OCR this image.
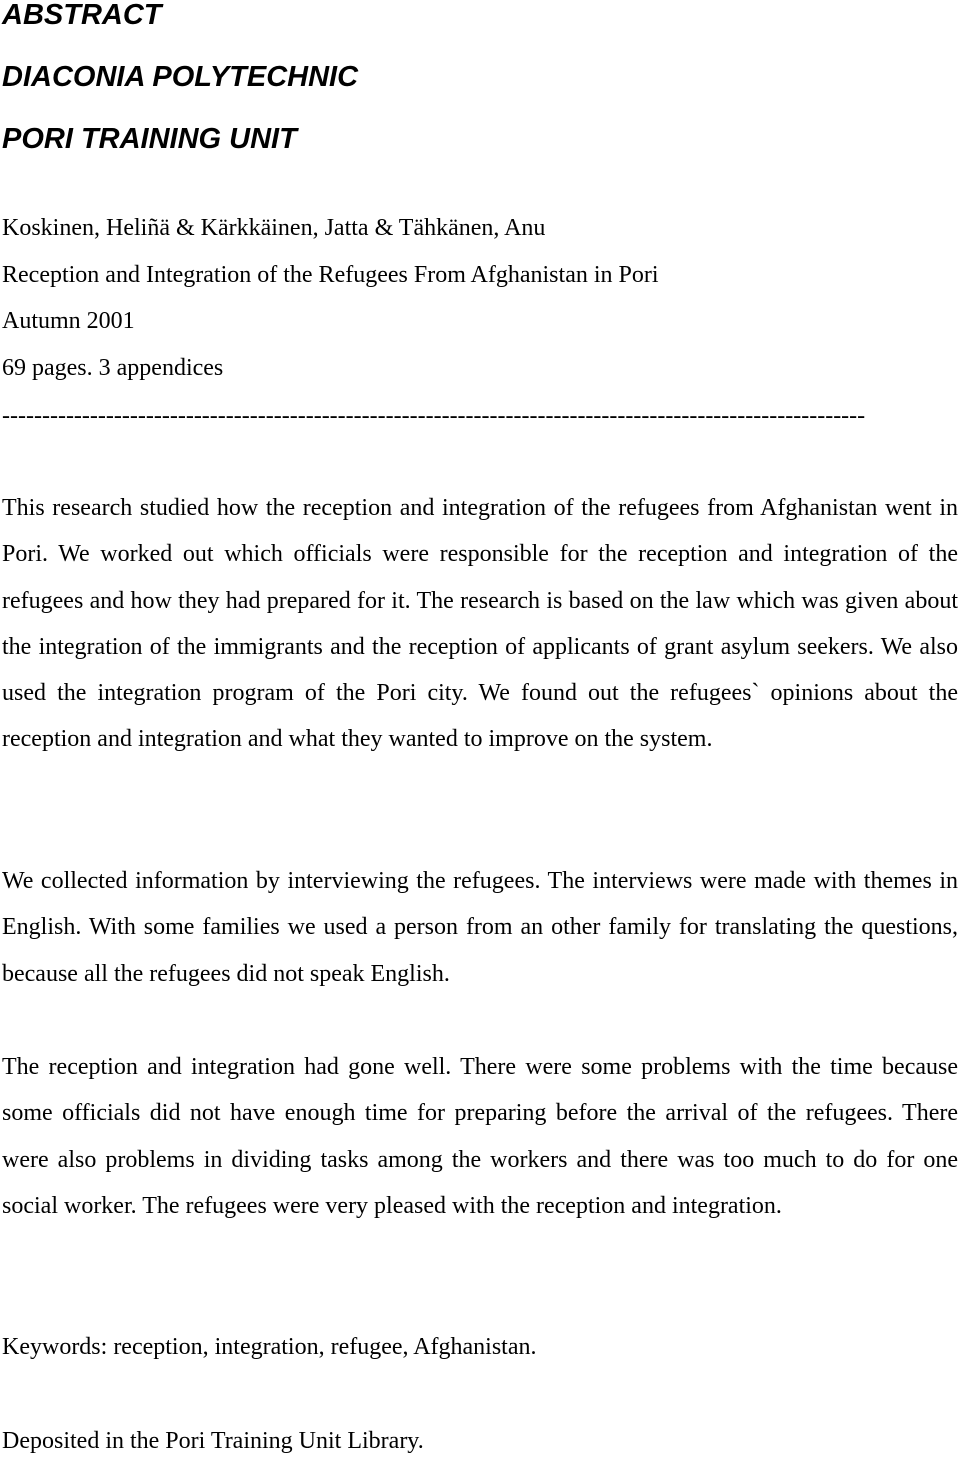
ABSTRACT
DIACONIA POLYTECHNIC
PORI TRAINING UNIT

Koskinen, Heliñä & Kärkkäinen, Jatta & Tähkänen, Anu

Reception and Integration of the Refugees From Afghanistan in Pori

Autumn 2001

69 pages. 3 appendices

------------------------------------------------------------------------------------------------------------

This research studied how the reception and integration of the refugees from Afghanistan went in Pori. We worked out which officials were responsible for the reception and integration of the refugees and how they had prepared for it. The research is based on the law which was given about the integration of the immigrants and the reception of applicants of grant asylum seekers. We also used the integration program of the Pori city. We found out the refugees` opinions about the reception and integration and what they wanted to improve on the system.

We collected information by interviewing the refugees. The interviews were made with themes in English. With some families we used a person from an other family for translating the questions, because all the refugees did not speak English.

The reception and integration had gone well. There were some problems with the time because some officials did not have enough time for preparing before the arrival of the refugees. There were also problems in dividing tasks among the workers and there was too much to do for one social worker. The refugees were very pleased with the reception and integration.

Keywords: reception, integration, refugee, Afghanistan.

Deposited in the Pori Training Unit Library.
